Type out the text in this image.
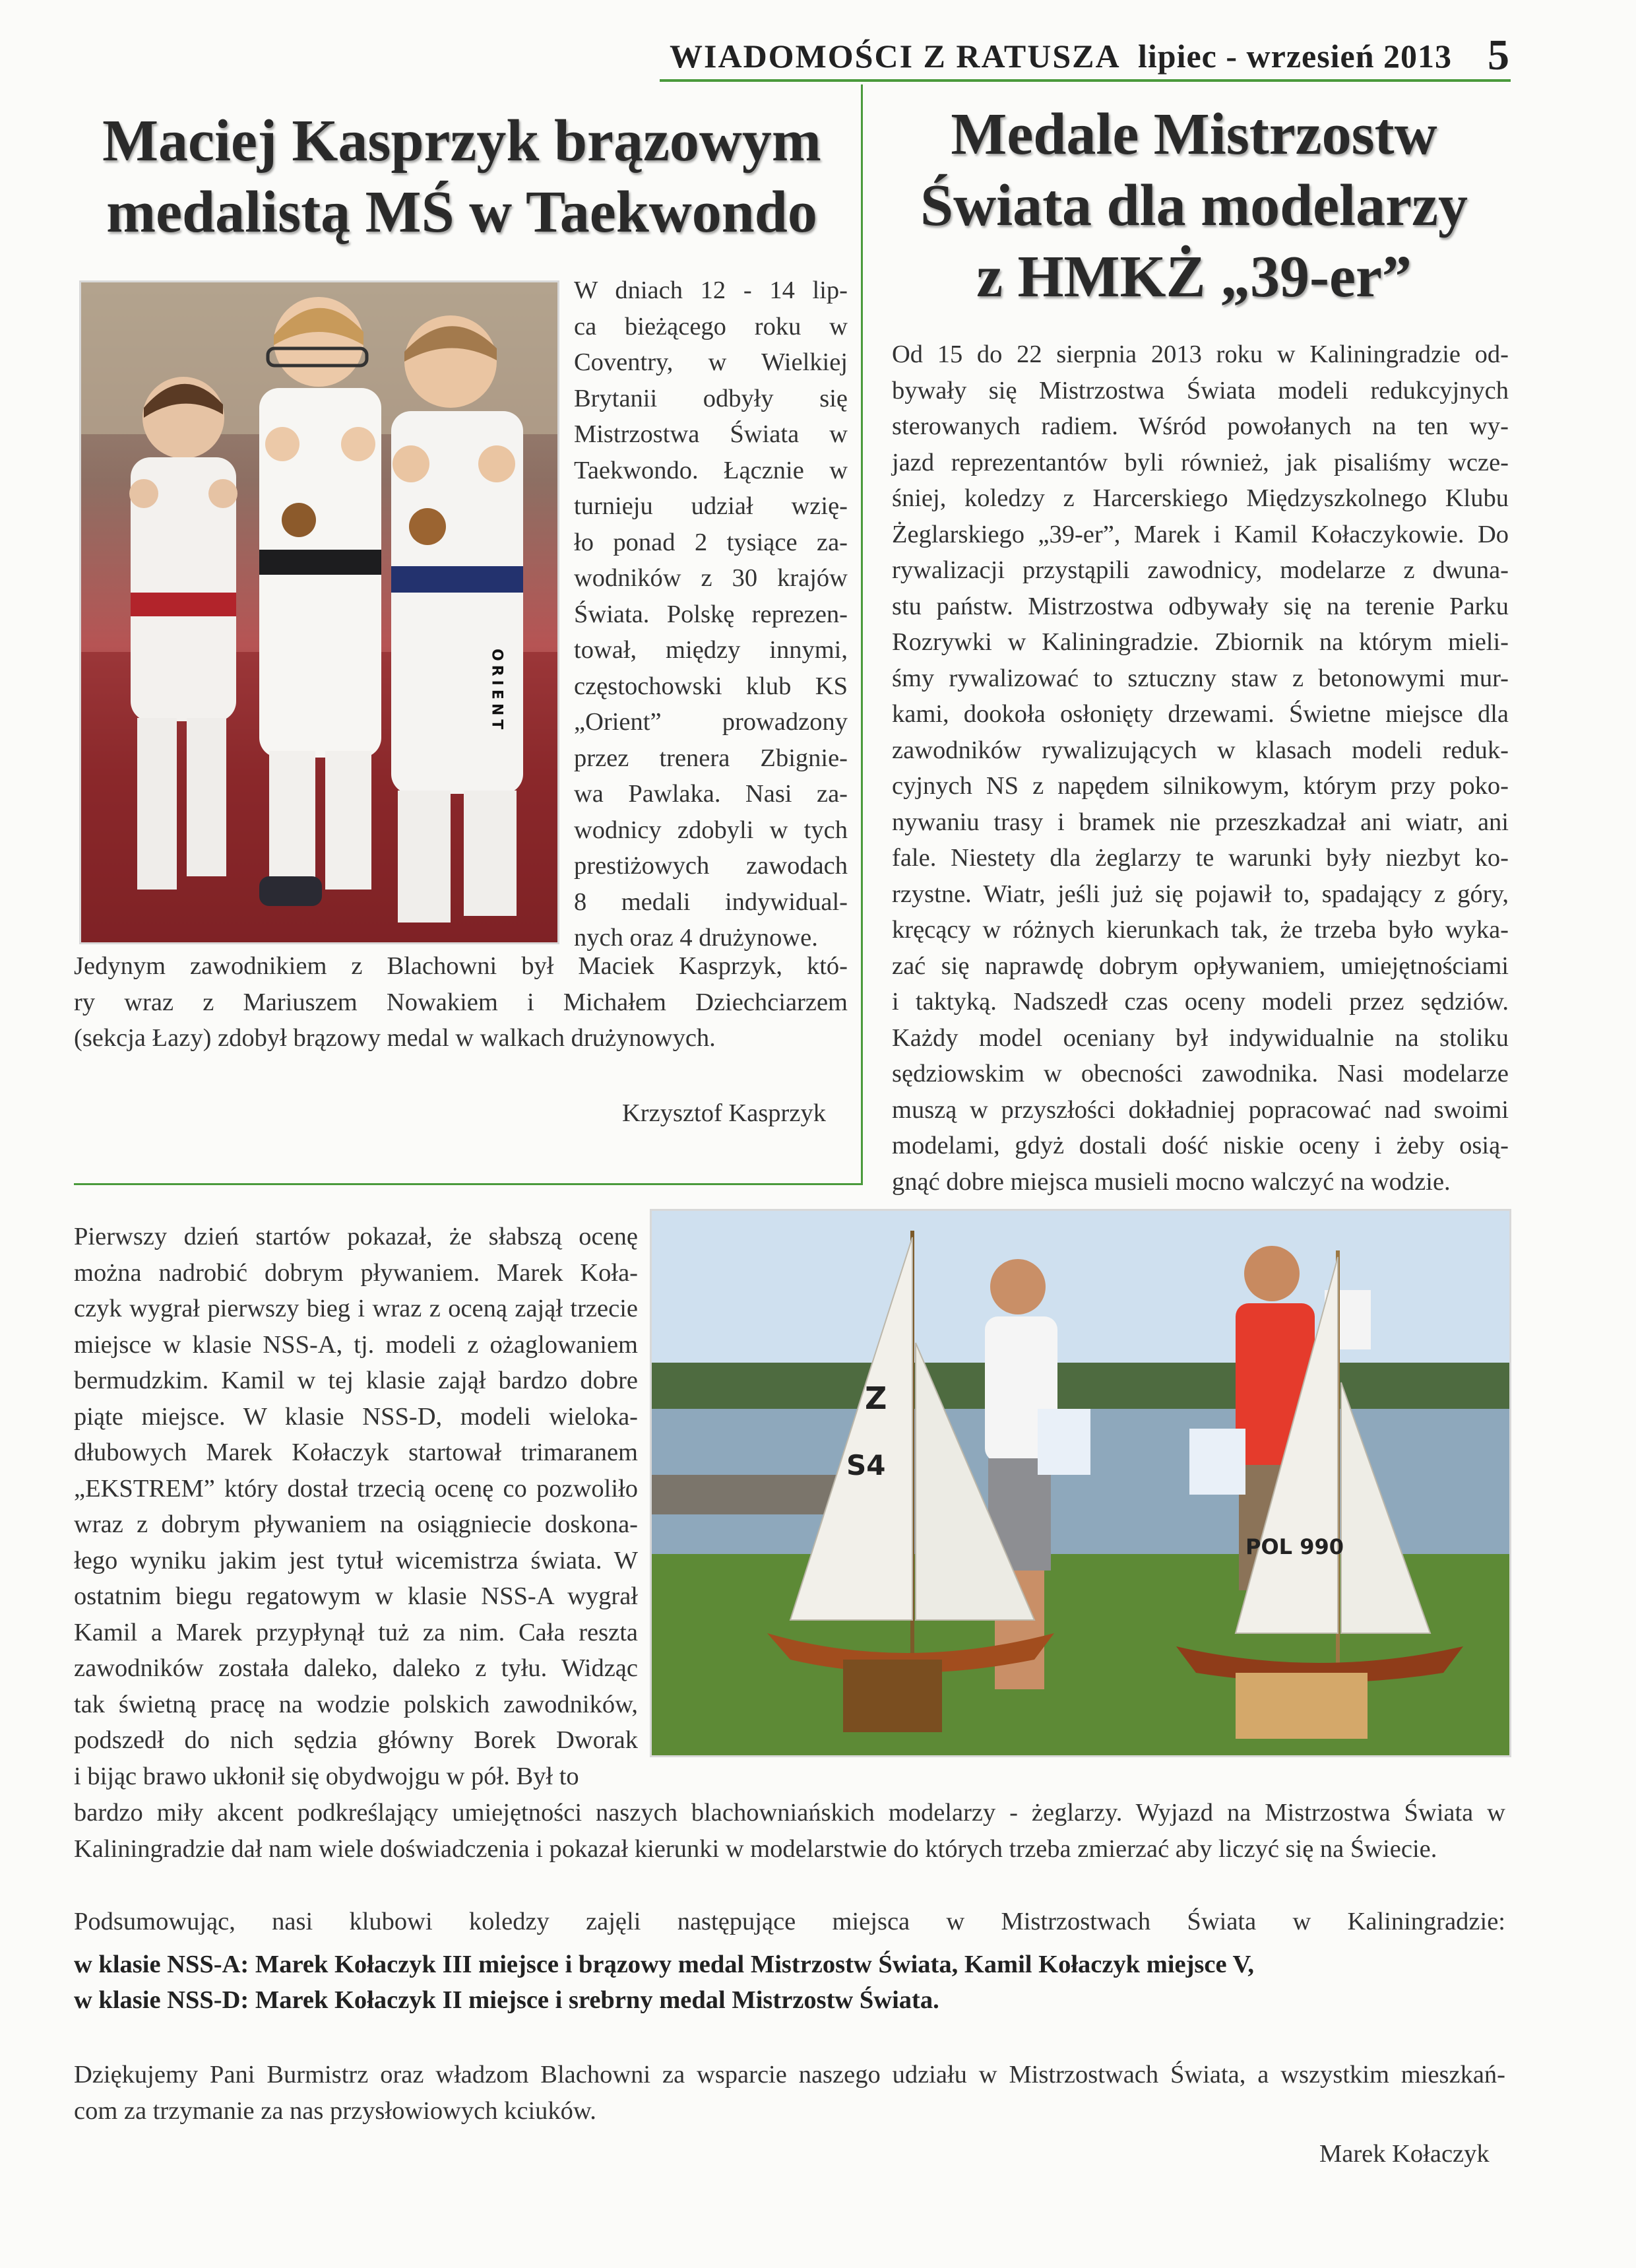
WIADOMOŚCI Z RATUSZA lipiec - wrzesień 2013 5
Maciej Kasprzyk brązowym
medalistą MŚ w Taekwondo
Medale Mistrzostw
Świata dla modelarzy
z HMKŻ „39-er”
ORIENT
W dniach 12 - 14 lip-
ca bieżącego roku w
Coventry, w Wielkiej
Brytanii odbyły się
Mistrzostwa Świata w
Taekwondo. Łącznie w
turnieju udział wzię-
ło ponad 2 tysiące za-
wodników z 30 krajów
Świata. Polskę reprezen-
tował, między innymi,
częstochowski klub KS
„Orient” prowadzony
przez trenera Zbignie-
wa Pawlaka. Nasi za-
wodnicy zdobyli w tych
prestiżowych zawodach
8 medali indywidual-
nych oraz 4 drużynowe.
Jedynym zawodnikiem z Blachowni był Maciek Kasprzyk, któ-
ry wraz z Mariuszem Nowakiem i Michałem Dziechciarzem
(sekcja Łazy) zdobył brązowy medal w walkach drużynowych.
Krzysztof Kasprzyk
Od 15 do 22 sierpnia 2013 roku w Kaliningradzie od-
bywały się Mistrzostwa Świata modeli redukcyjnych
sterowanych radiem. Wśród powołanych na ten wy-
jazd reprezentantów byli również, jak pisaliśmy wcze-
śniej, koledzy z Harcerskiego Międzyszkolnego Klubu
Żeglarskiego „39-er”, Marek i Kamil Kołaczykowie. Do
rywalizacji przystąpili zawodnicy, modelarze z dwuna-
stu państw. Mistrzostwa odbywały się na terenie Parku
Rozrywki w Kaliningradzie. Zbiornik na którym mieli-
śmy rywalizować to sztuczny staw z betonowymi mur-
kami, dookoła osłonięty drzewami. Świetne miejsce dla
zawodników rywalizujących w klasach modeli reduk-
cyjnych NS z napędem silnikowym, którym przy poko-
nywaniu trasy i bramek nie przeszkadzał ani wiatr, ani
fale. Niestety dla żeglarzy te warunki były niezbyt ko-
rzystne. Wiatr, jeśli już się pojawił to, spadający z góry,
kręcący w różnych kierunkach tak, że trzeba było wyka-
zać się naprawdę dobrym opływaniem, umiejętnościami
i taktyką. Nadszedł czas oceny modeli przez sędziów.
Każdy model oceniany był indywidualnie na stoliku
sędziowskim w obecności zawodnika. Nasi modelarze
muszą w przyszłości dokładniej popracować nad swoimi
modelami, gdyż dostali dość niskie oceny i żeby osią-
gnąć dobre miejsca musieli mocno walczyć na wodzie.
Z
S4
POL 990
Pierwszy dzień startów pokazał, że słabszą ocenę
można nadrobić dobrym pływaniem. Marek Koła-
czyk wygrał pierwszy bieg i wraz z oceną zajął trzecie
miejsce w klasie NSS-A, tj. modeli z ożaglowaniem
bermudzkim. Kamil w tej klasie zajął bardzo dobre
piąte miejsce. W klasie NSS-D, modeli wieloka-
dłubowych Marek Kołaczyk startował trimaranem
„EKSTREM” który dostał trzecią ocenę co pozwoliło
wraz z dobrym pływaniem na osiągniecie doskona-
łego wyniku jakim jest tytuł wicemistrza świata. W
ostatnim biegu regatowym w klasie NSS-A wygrał
Kamil a Marek przypłynął tuż za nim. Cała reszta
zawodników została daleko, daleko z tyłu. Widząc
tak świetną pracę na wodzie polskich zawodników,
podszedł do nich sędzia główny Borek Dworak
i bijąc brawo ukłonił się obydwojgu w pół. Był to
bardzo miły akcent podkreślający umiejętności naszych blachowniańskich modelarzy - żeglarzy. Wyjazd na Mistrzostwa Świata w
Kaliningradzie dał nam wiele doświadczenia i pokazał kierunki w modelarstwie do których trzeba zmierzać aby liczyć się na Świecie.
Podsumowując, nasi klubowi koledzy zajęli następujące miejsca w Mistrzostwach Świata w Kaliningradzie:
w klasie NSS-A: Marek Kołaczyk III miejsce i brązowy medal Mistrzostw Świata, Kamil Kołaczyk miejsce V,
w klasie NSS-D: Marek Kołaczyk II miejsce i srebrny medal Mistrzostw Świata.
Dziękujemy Pani Burmistrz oraz władzom Blachowni za wsparcie naszego udziału w Mistrzostwach Świata, a wszystkim mieszkań-
com za trzymanie za nas przysłowiowych kciuków.
Marek Kołaczyk
